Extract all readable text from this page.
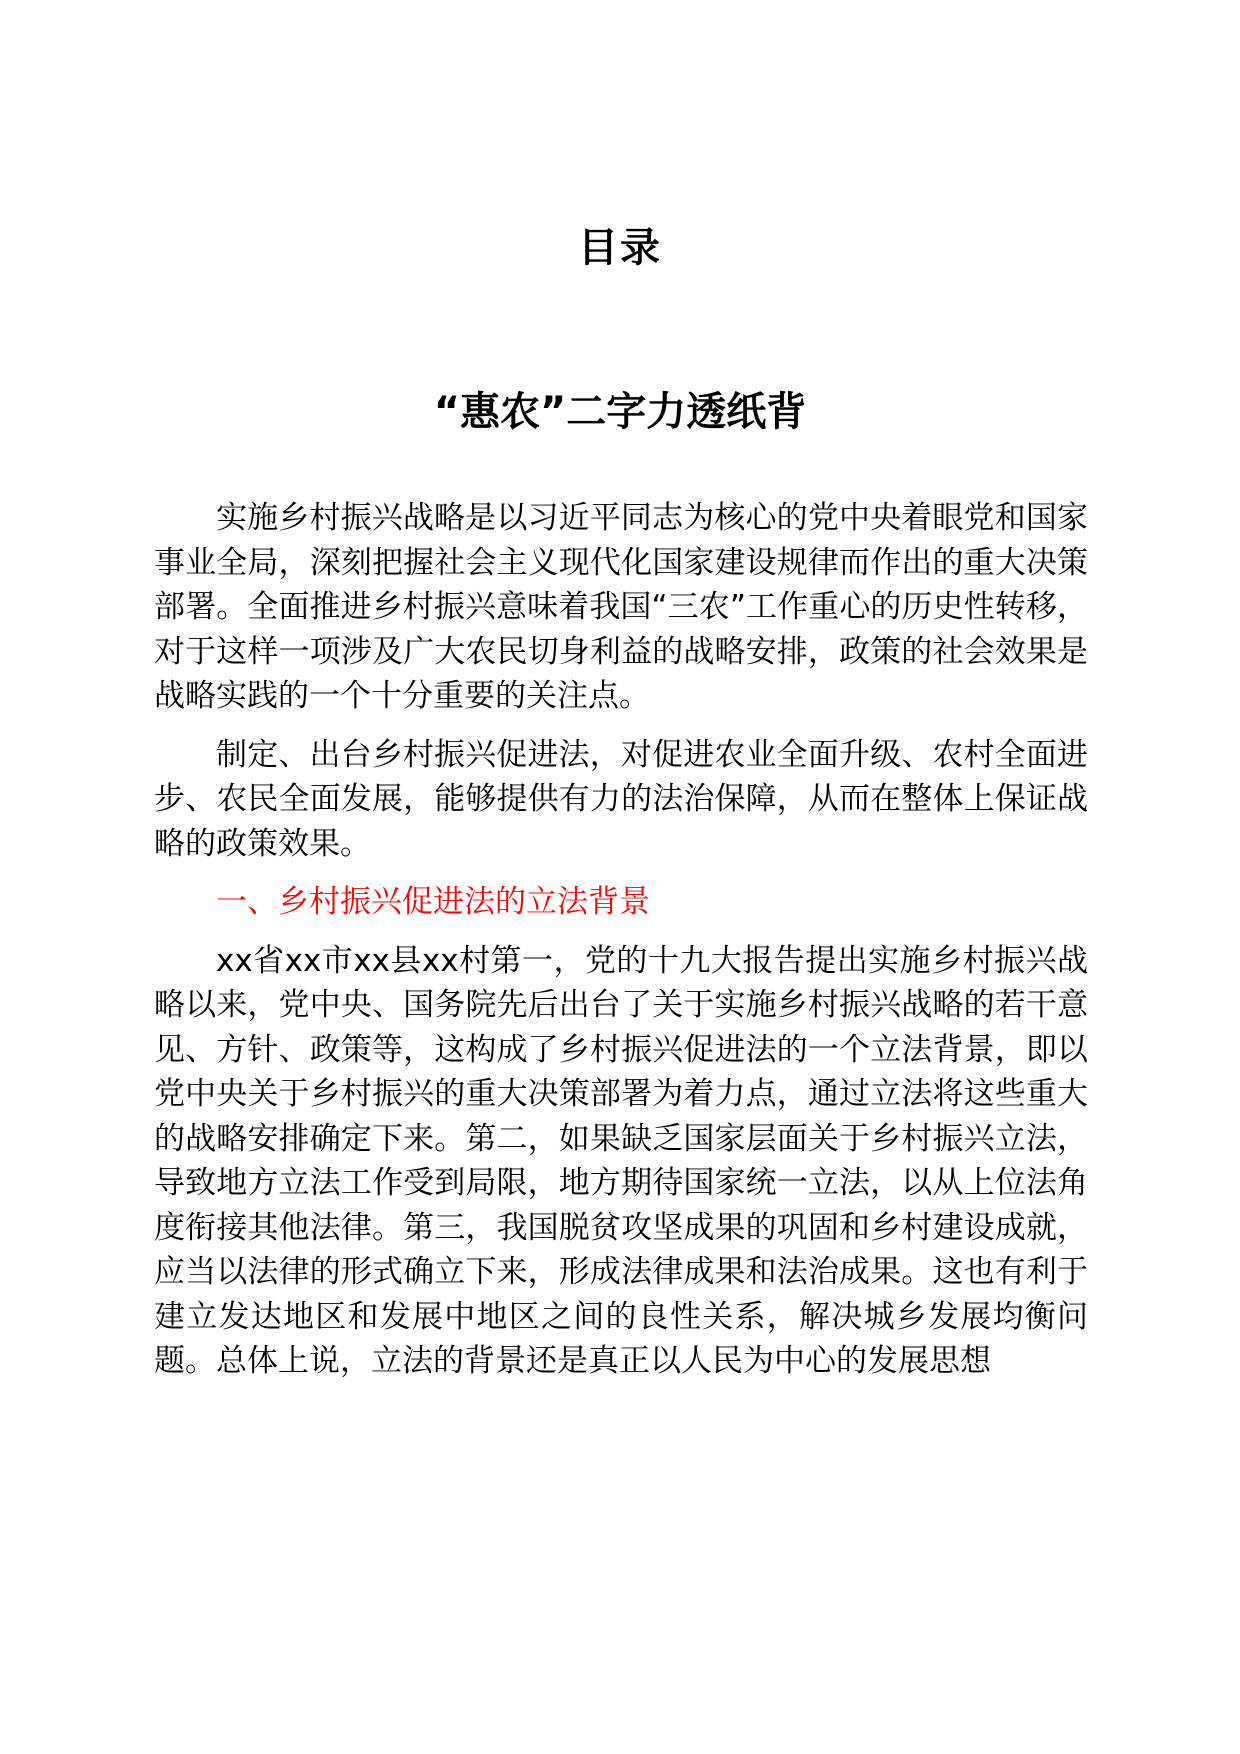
目录
“惠农”二字力透纸背

实施乡村振兴战略是以习近平同志为核心的党中央着眼党和国家事业全局，深刻把握社会主义现代化国家建设规律而作出的重大决策部署。全面推进乡村振兴意味着我国“三农”工作重心的历史性转移，对于这样一项涉及广大农民切身利益的战略安排，政策的社会效果是战略实践的一个十分重要的关注点。

制定、出台乡村振兴促进法，对促进农业全面升级、农村全面进步、农民全面发展，能够提供有力的法治保障，从而在整体上保证战略的政策效果。

一、乡村振兴促进法的立法背景

xx省xx市xx县xx村第一，党的十九大报告提出实施乡村振兴战略以来，党中央、国务院先后出台了关于实施乡村振兴战略的若干意见、方针、政策等，这构成了乡村振兴促进法的一个立法背景，即以党中央关于乡村振兴的重大决策部署为着力点，通过立法将这些重大的战略安排确定下来。第二，如果缺乏国家层面关于乡村振兴立法，导致地方立法工作受到局限，地方期待国家统一立法，以从上位法角度衔接其他法律。第三，我国脱贫攻坚成果的巩固和乡村建设成就，应当以法律的形式确立下来，形成法律成果和法治成果。这也有利于建立发达地区和发展中地区之间的良性关系，解决城乡发展均衡问题。总体上说，立法的背景还是真正以人民为中心的发展思想
